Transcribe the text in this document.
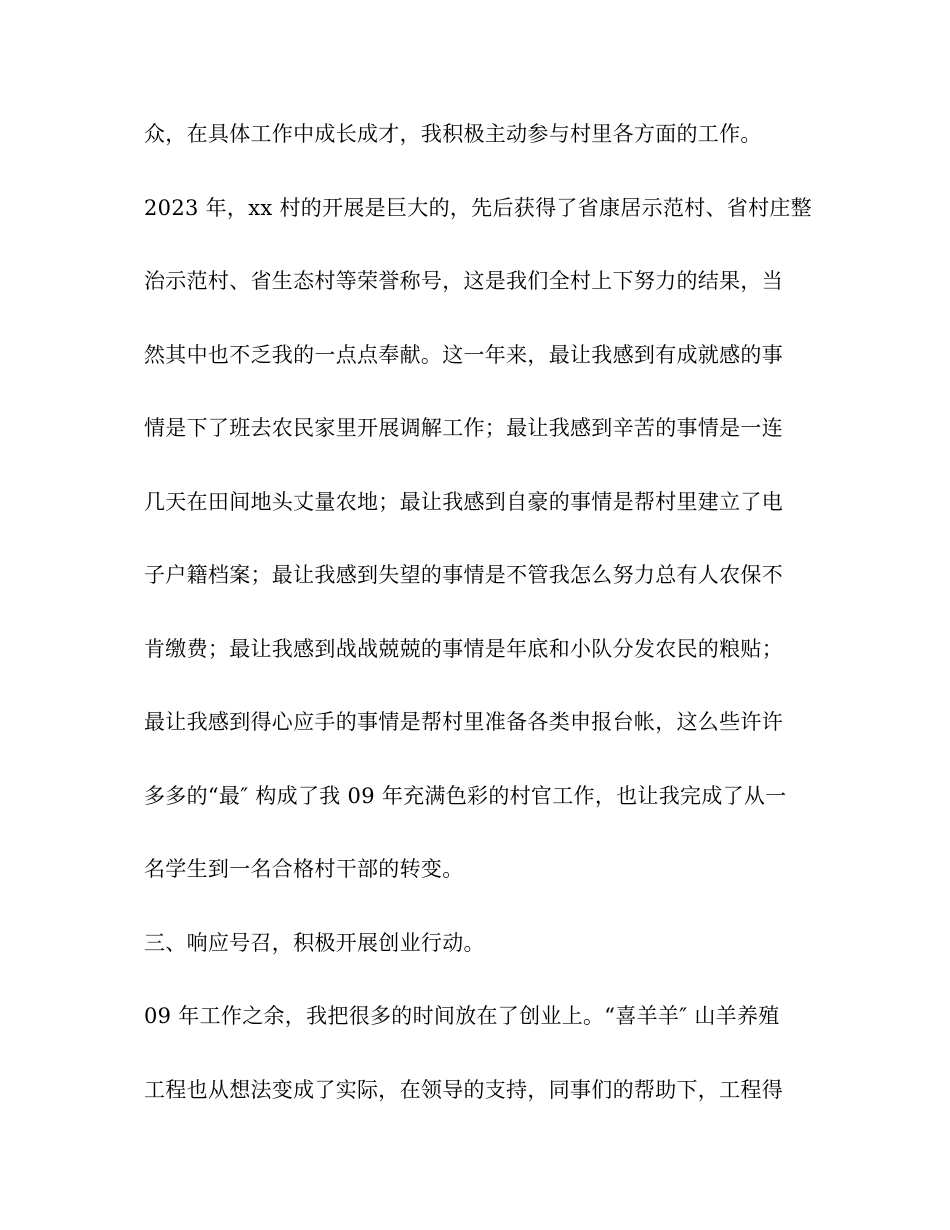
众，在具体工作中成长成才，我积极主动参与村里各方面的工作。
2023 年，xx 村的开展是巨大的，先后获得了省康居示范村、省村庄整
治示范村、省生态村等荣誉称号，这是我们全村上下努力的结果，当
然其中也不乏我的一点点奉献。这一年来，最让我感到有成就感的事
情是下了班去农民家里开展调解工作；最让我感到辛苦的事情是一连
几天在田间地头丈量农地；最让我感到自豪的事情是帮村里建立了电
子户籍档案；最让我感到失望的事情是不管我怎么努力总有人农保不
肯缴费；最让我感到战战兢兢的事情是年底和小队分发农民的粮贴；
最让我感到得心应手的事情是帮村里准备各类申报台帐，这么些许许
多多的“最″ 构成了我 09 年充满色彩的村官工作，也让我完成了从一
名学生到一名合格村干部的转变。
三、响应号召，积极开展创业行动。
09 年工作之余，我把很多的时间放在了创业上。“喜羊羊″ 山羊养殖
工程也从想法变成了实际，在领导的支持，同事们的帮助下，工程得
